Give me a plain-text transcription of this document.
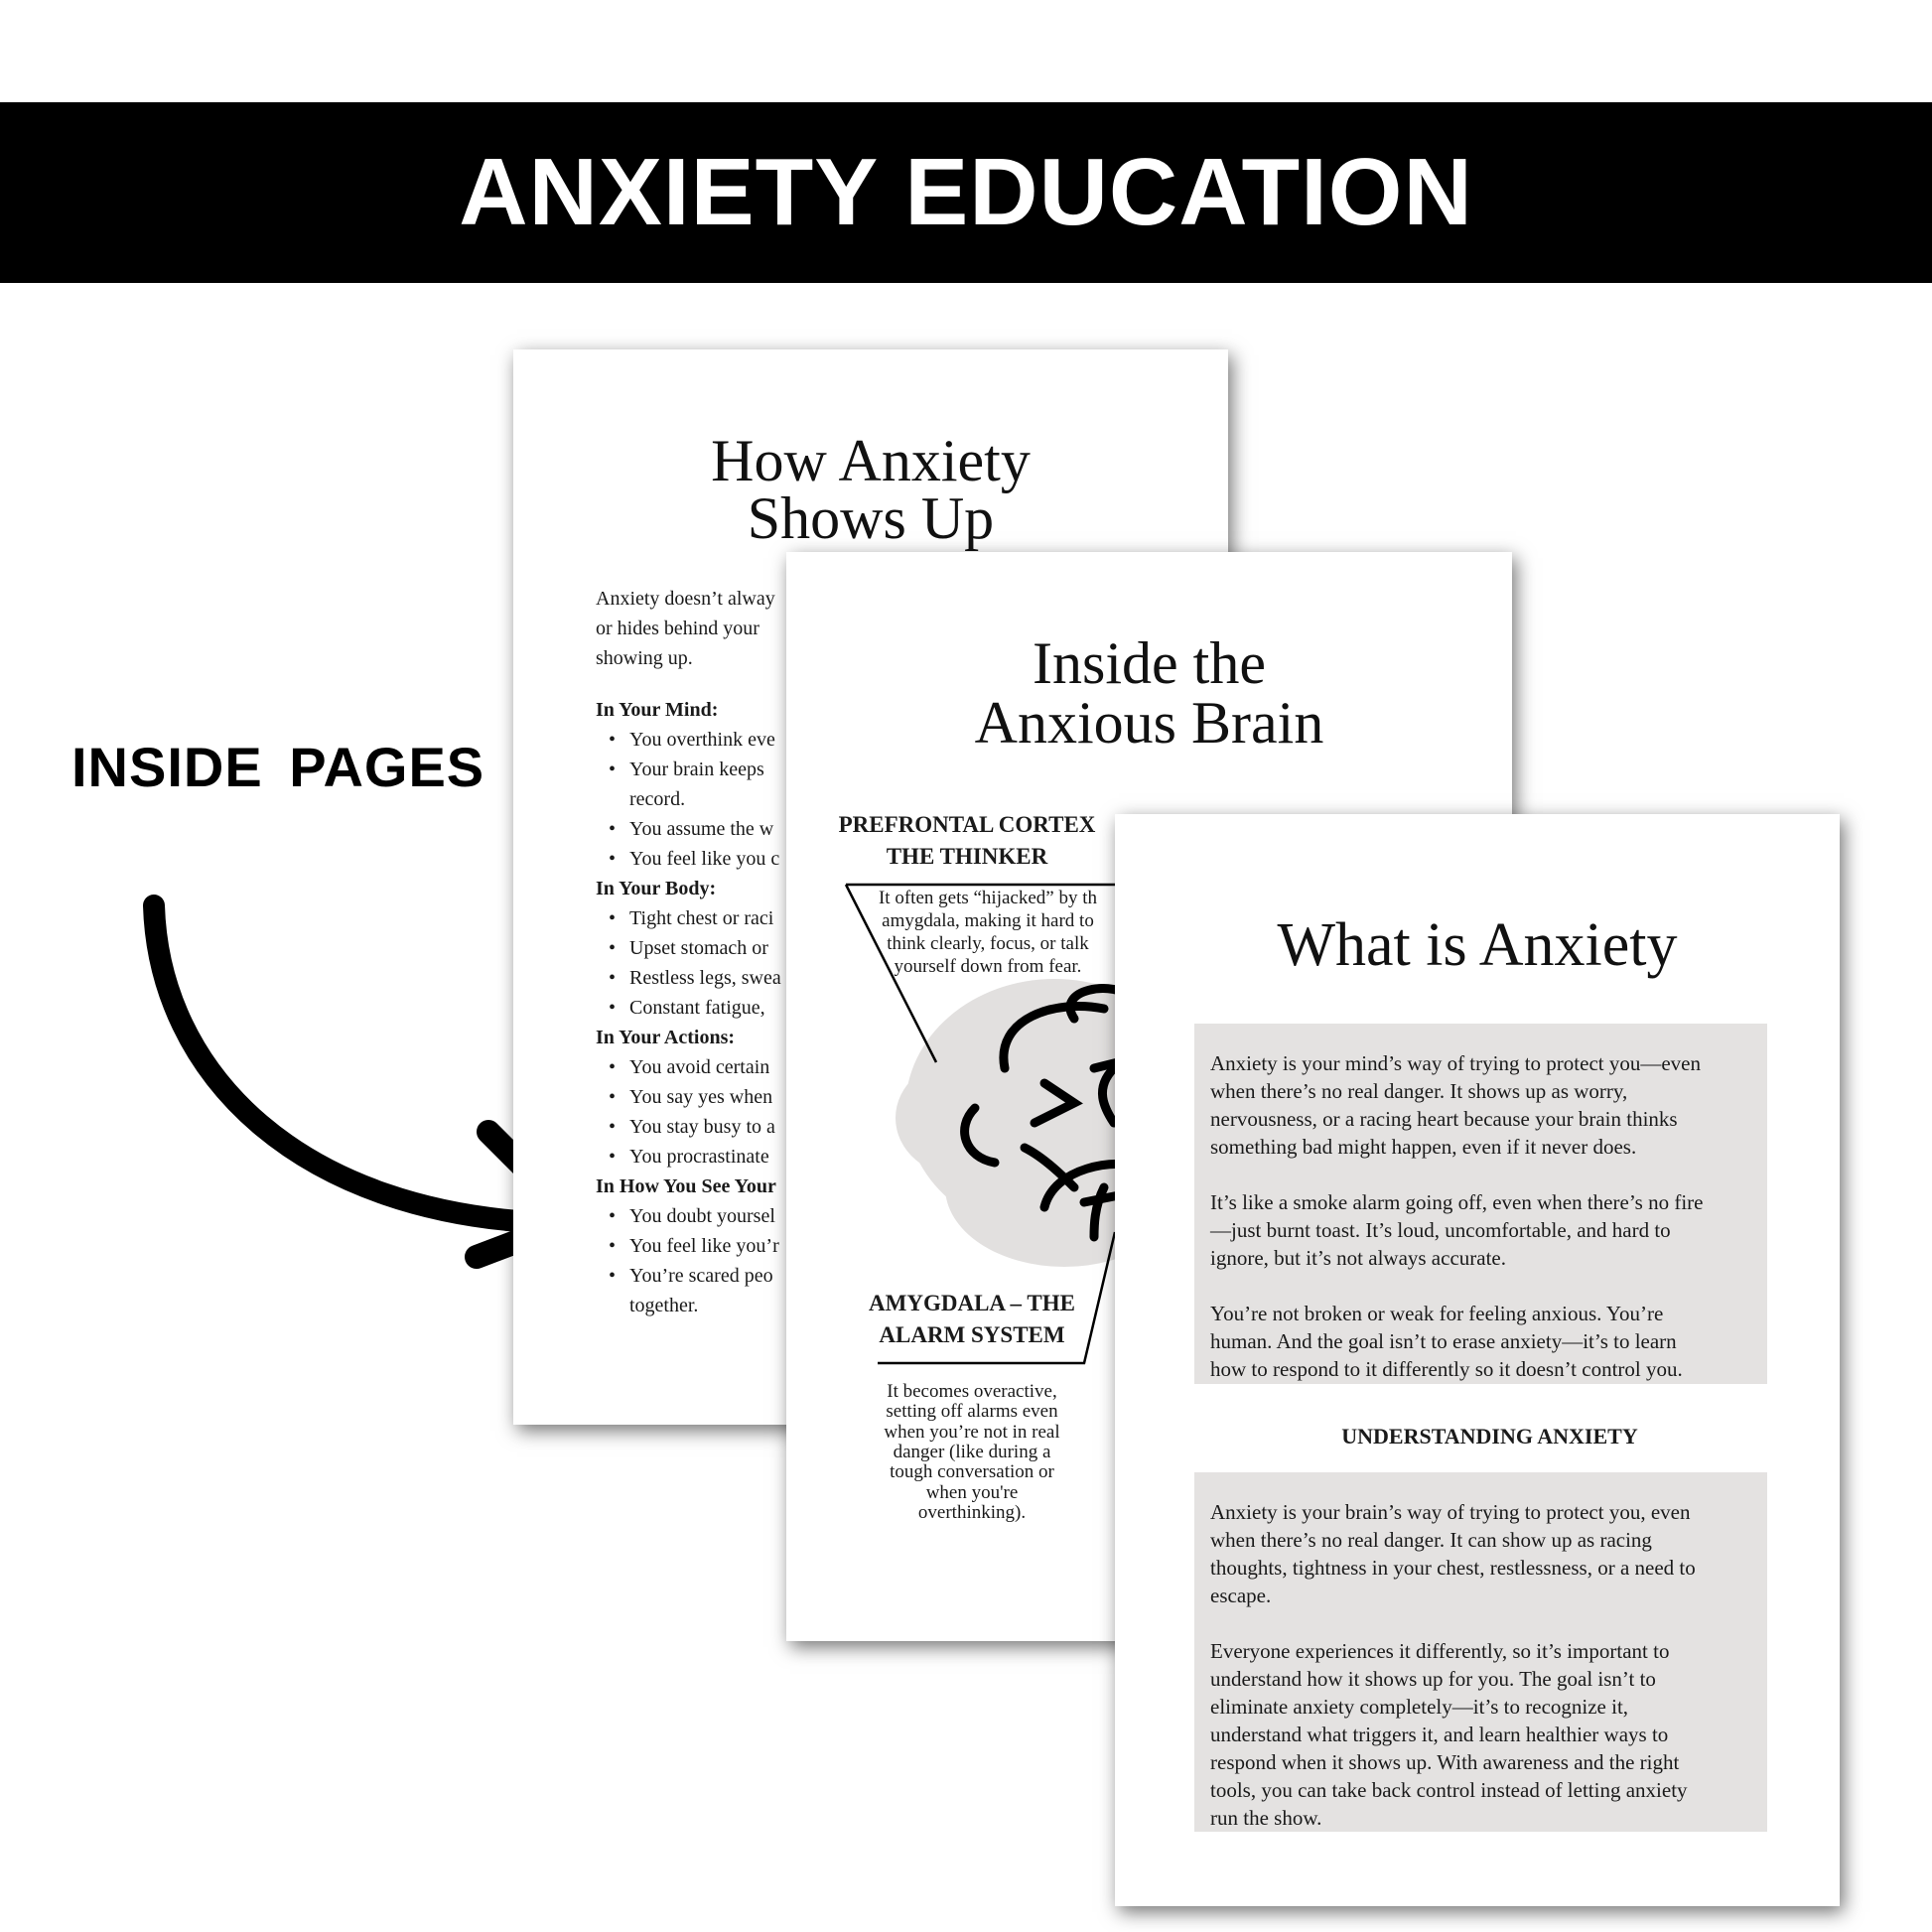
ANXIETY EDUCATION
INSIDE PAGES
How Anxiety
Shows Up
Anxiety doesn’t alway
or hides behind your
showing up.
In Your Mind:
• You overthink eve
• Your brain keeps
record.
• You assume the w
• You feel like you c
In Your Body:
• Tight chest or raci
• Upset stomach or
• Restless legs, swea
• Constant fatigue,
In Your Actions:
• You avoid certain
• You say yes when
• You stay busy to a
• You procrastinate
In How You See Your
• You doubt yoursel
• You feel like you’r
• You’re scared peo
together.
Inside the
Anxious Brain
PREFRONTAL CORTEX
THE THINKER
It often gets “hijacked” by th
amygdala, making it hard to
think clearly, focus, or talk
yourself down from fear.
AMYGDALA – THE
ALARM SYSTEM
It becomes overactive,
setting off alarms even
when you’re not in real
danger (like during a
tough conversation or
when you're
overthinking).
What is Anxiety
Anxiety is your mind’s way of trying to protect you—even
when there’s no real danger. It shows up as worry,
nervousness, or a racing heart because your brain thinks
something bad might happen, even if it never does.
It’s like a smoke alarm going off, even when there’s no fire
—just burnt toast. It’s loud, uncomfortable, and hard to
ignore, but it’s not always accurate.
You’re not broken or weak for feeling anxious. You’re
human. And the goal isn’t to erase anxiety—it’s to learn
how to respond to it differently so it doesn’t control you.
UNDERSTANDING ANXIETY
Anxiety is your brain’s way of trying to protect you, even
when there’s no real danger. It can show up as racing
thoughts, tightness in your chest, restlessness, or a need to
escape.
Everyone experiences it differently, so it’s important to
understand how it shows up for you. The goal isn’t to
eliminate anxiety completely—it’s to recognize it,
understand what triggers it, and learn healthier ways to
respond when it shows up. With awareness and the right
tools, you can take back control instead of letting anxiety
run the show.
